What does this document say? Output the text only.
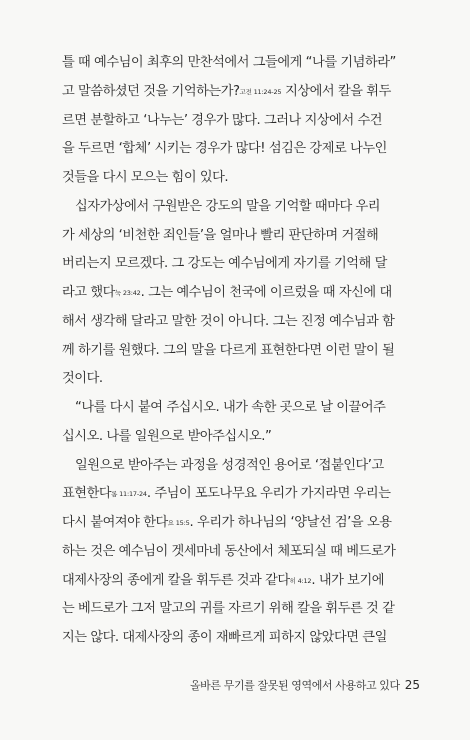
틀 때 예수님이 최후의 만찬석에서 그들에게 “나를 기념하라”
고 말씀하셨던 것을 기억하는가?고전 11:24-25 지상에서 칼을 휘두
르면 분할하고 ‘나누는’ 경우가 많다. 그러나 지상에서 수건
을 두르면 ‘합체’ 시키는 경우가 많다! 섬김은 강제로 나누인
것들을 다시 모으는 힘이 있다.
십자가상에서 구원받은 강도의 말을 기억할 때마다 우리
가 세상의 ‘비천한 죄인들’을 얼마나 빨리 판단하며 거절해
버리는지 모르겠다. 그 강도는 예수님에게 자기를 기억해 달
라고 했다눅 23:42. 그는 예수님이 천국에 이르렀을 때 자신에 대
해서 생각해 달라고 말한 것이 아니다. 그는 진정 예수님과 함
께 하기를 원했다. 그의 말을 다르게 표현한다면 이런 말이 될
것이다.
“나를 다시 붙여 주십시오. 내가 속한 곳으로 날 이끌어주
십시오. 나를 일원으로 받아주십시오.”
일원으로 받아주는 과정을 성경적인 용어로 ‘접붙인다’고
표현한다롬 11:17-24. 주님이 포도나무요 우리가 가지라면 우리는
다시 붙여져야 한다요 15:5. 우리가 하나님의 ‘양날선 검’을 오용
하는 것은 예수님이 겟세마네 동산에서 체포되실 때 베드로가
대제사장의 종에게 칼을 휘두른 것과 같다히 4:12. 내가 보기에
는 베드로가 그저 말고의 귀를 자르기 위해 칼을 휘두른 것 같
지는 않다. 대제사장의 종이 재빠르게 피하지 않았다면 큰일
올바른 무기를 잘못된 영역에서 사용하고 있다 25
